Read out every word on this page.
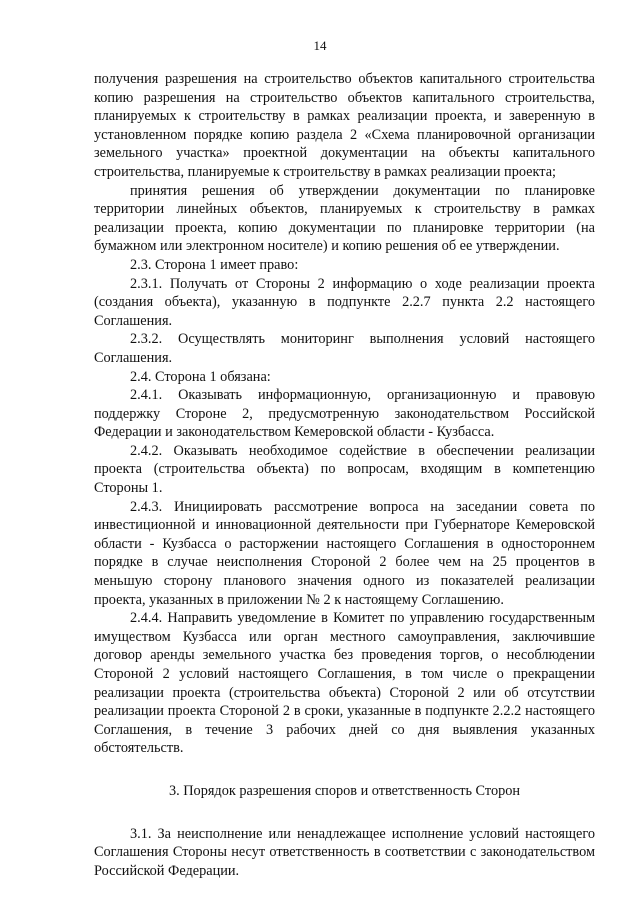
14

получения разрешения на строительство объектов капитального строительства копию разрешения на строительство объектов капитального строительства, планируемых к строительству в рамках реализации проекта, и заверенную в установленном порядке копию раздела 2 «Схема планировочной организации земельного участка» проектной документации на объекты капитального строительства, планируемые к строительству в рамках реализации проекта;

принятия решения об утверждении документации по планировке территории линейных объектов, планируемых к строительству в рамках реализации проекта, копию документации по планировке территории (на бумажном или электронном носителе) и копию решения об ее утверждении.

2.3. Сторона 1 имеет право:

2.3.1. Получать от Стороны 2 информацию о ходе реализации проекта (создания объекта), указанную в подпункте 2.2.7 пункта 2.2 настоящего Соглашения.

2.3.2. Осуществлять мониторинг выполнения условий настоящего Соглашения.

2.4. Сторона 1 обязана:

2.4.1. Оказывать информационную, организационную и правовую поддержку Стороне 2, предусмотренную законодательством Российской Федерации и законодательством Кемеровской области - Кузбасса.

2.4.2. Оказывать необходимое содействие в обеспечении реализации проекта (строительства объекта) по вопросам, входящим в компетенцию Стороны 1.

2.4.3. Инициировать рассмотрение вопроса на заседании совета по инвестиционной и инновационной деятельности при Губернаторе Кемеровской области - Кузбасса о расторжении настоящего Соглашения в одностороннем порядке в случае неисполнения Стороной 2 более чем на 25 процентов в меньшую сторону планового значения одного из показателей реализации проекта, указанных в приложении № 2 к настоящему Соглашению.

2.4.4. Направить уведомление в Комитет по управлению государственным имуществом Кузбасса или орган местного самоуправления, заключившие договор аренды земельного участка без проведения торгов, о несоблюдении Стороной 2 условий настоящего Соглашения, в том числе о прекращении реализации проекта (строительства объекта) Стороной 2 или об отсутствии реализации проекта Стороной 2 в сроки, указанные в подпункте 2.2.2 настоящего Соглашения, в течение 3 рабочих дней со дня выявления указанных обстоятельств.

3. Порядок разрешения споров и ответственность Сторон

3.1. За неисполнение или ненадлежащее исполнение условий настоящего Соглашения Стороны несут ответственность в соответствии с законодательством Российской Федерации.
